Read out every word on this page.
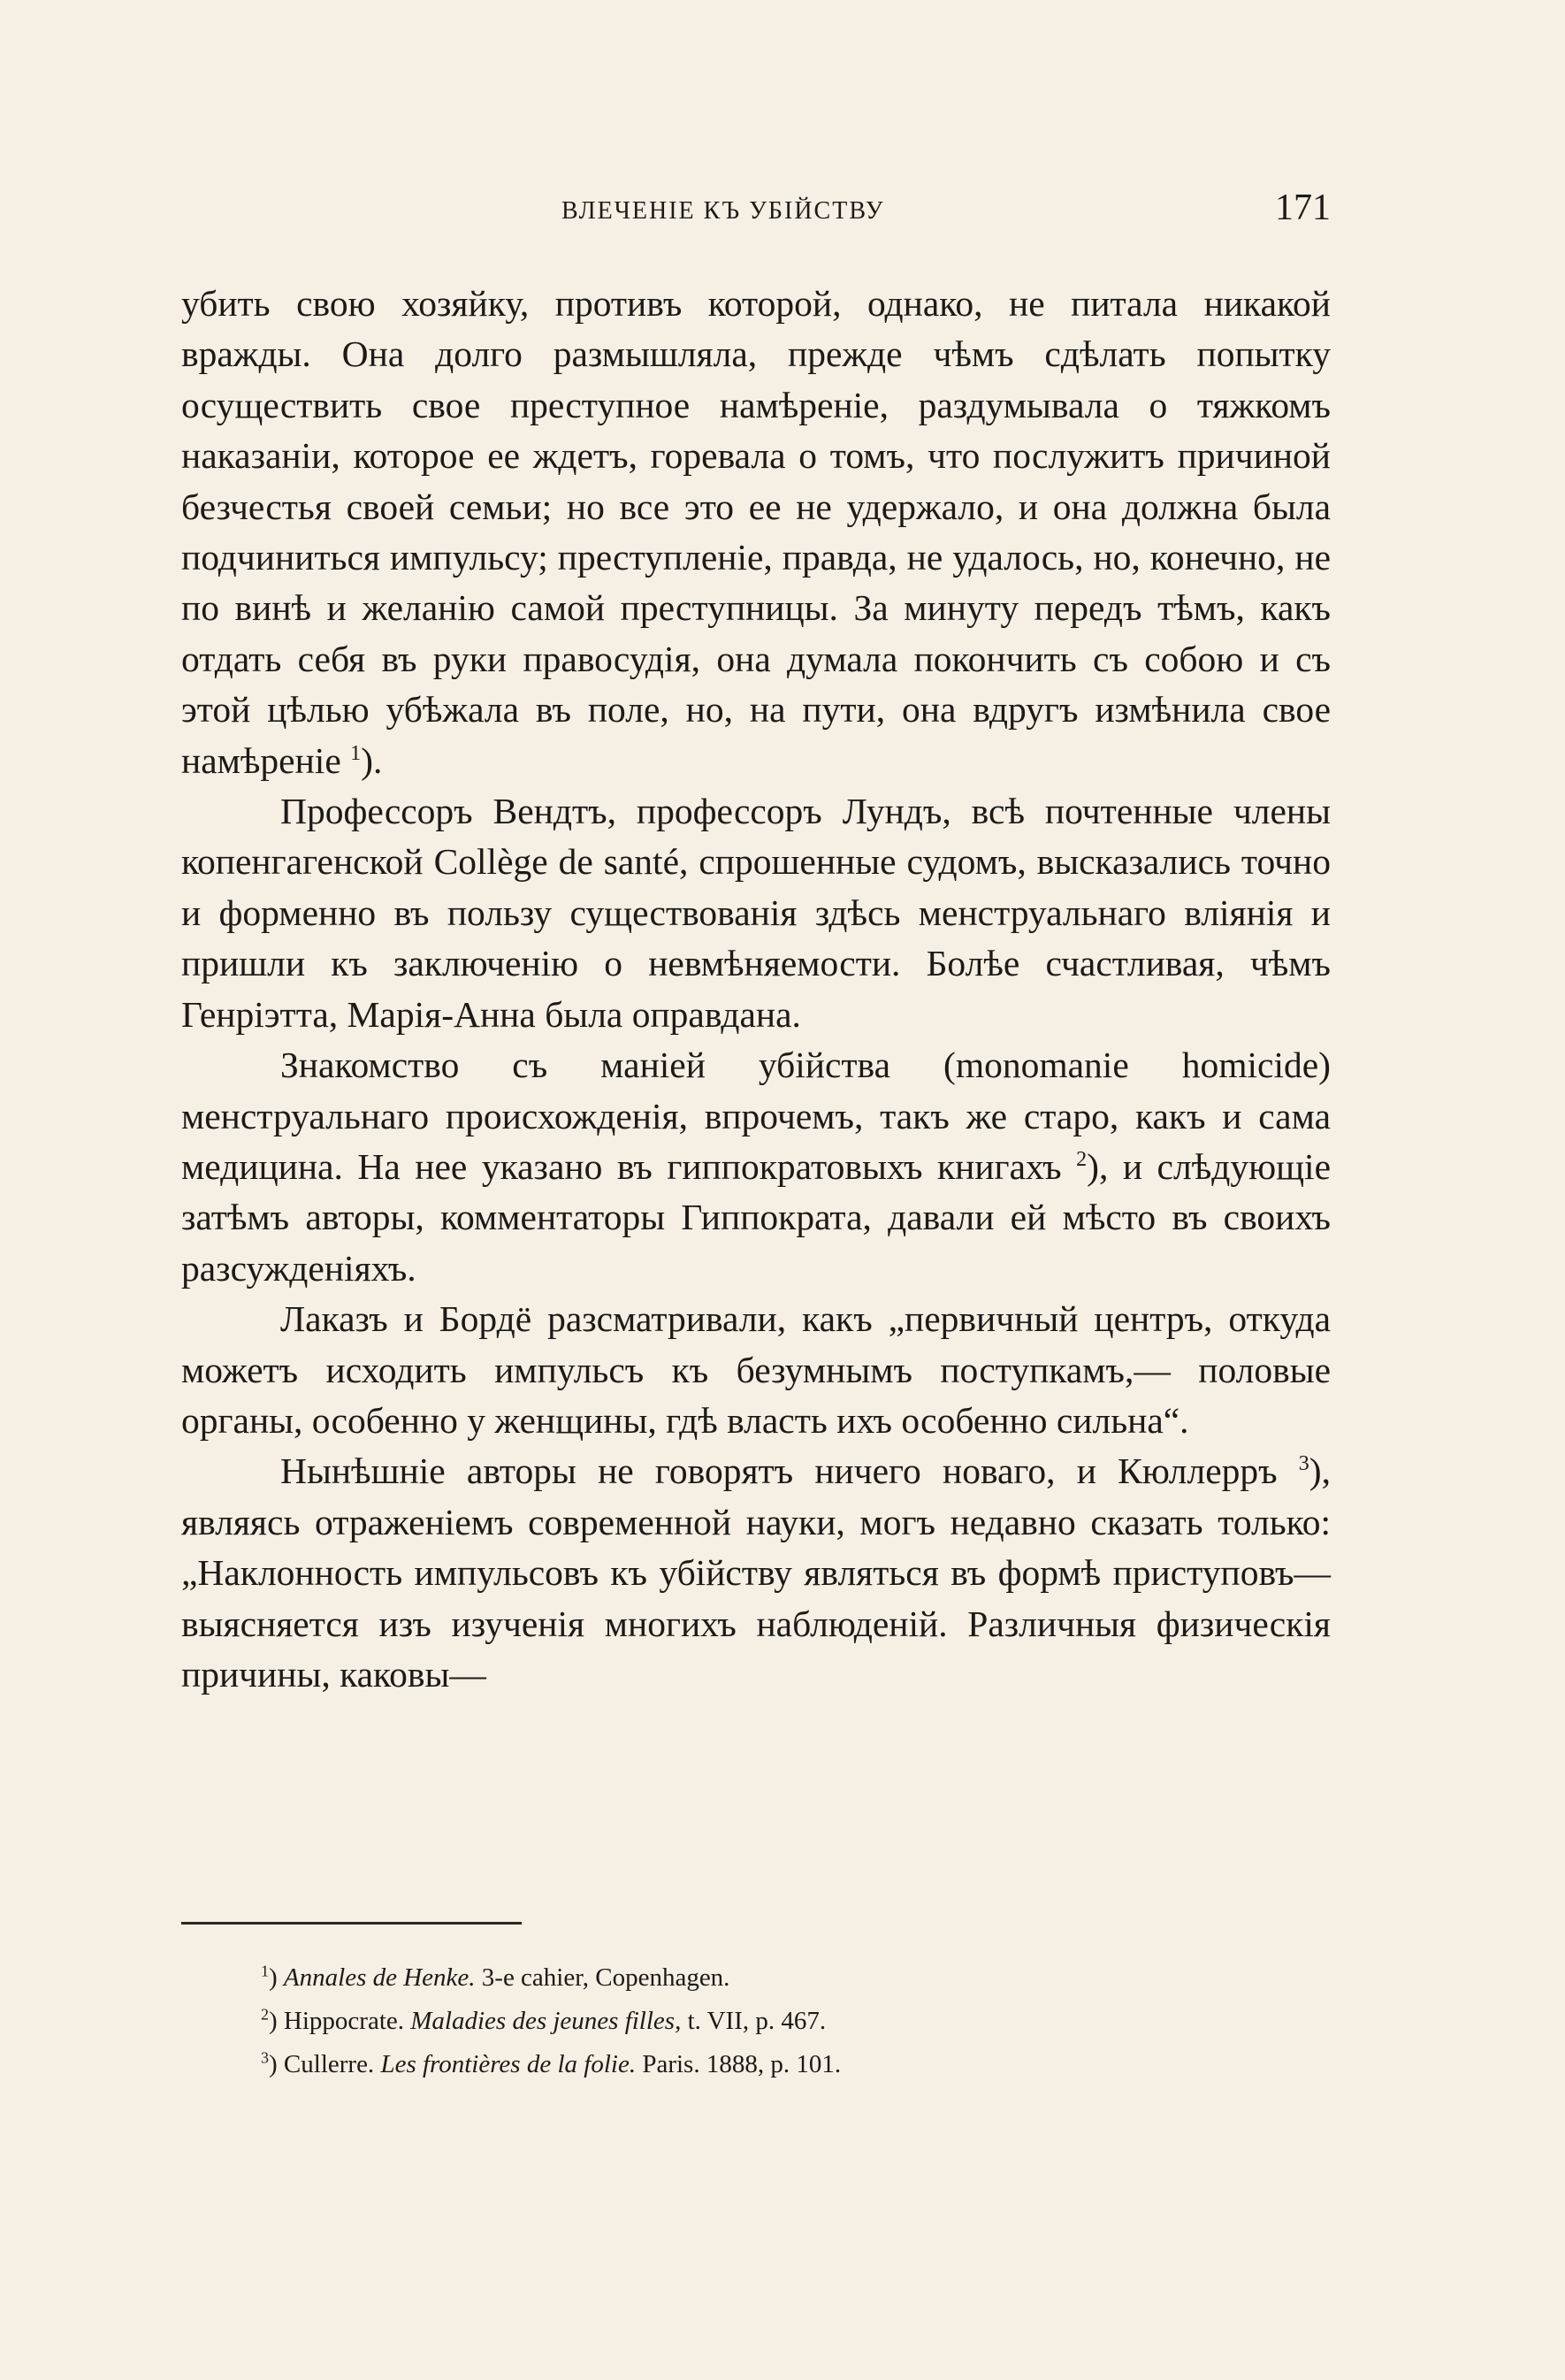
ВЛЕЧЕНІЕ КЪ УБІЙСТВУ	171

убить свою хозяйку, противъ которой, однако, не питала никакой вражды. Она долго размышляла, прежде чѣмъ сдѣлать попытку осуществить свое преступное намѣреніе, раздумывала о тяжкомъ наказаніи, которое ее ждетъ, горевала о томъ, что послужитъ причиной безчестья своей семьи; но все это ее не удержало, и она должна была подчиниться импульсу; преступленіе, правда, не удалось, но, конечно, не по винѣ и желанію самой преступницы. За минуту передъ тѣмъ, какъ отдать себя въ руки правосудія, она думала покончить съ собою и съ этой цѣлью убѣжала въ поле, но, на пути, она вдругъ измѣнила свое намѣреніе $^1$).

Профессоръ Вендтъ, профессоръ Лундъ, всѣ почтенные члены копенгагенской Collège de santé, спрошенные судомъ, высказались точно и форменно въ пользу существованія здѣсь менструальнаго вліянія и пришли къ заключенію о невмѣняемости. Болѣе счастливая, чѣмъ Генріэтта, Марія-Анна была оправдана.

Знакомство съ маніей убійства (monomanie homicide) менструальнаго происхожденія, впрочемъ, такъ же старо, какъ и сама медицина. На нее указано въ гиппократовыхъ книгахъ $^2$), и слѣдующіе затѣмъ авторы, комментаторы Гиппократа, давали ей мѣсто въ своихъ разсужденіяхъ.

Лаказъ и Бордё разсматривали, какъ „первичный центръ, откуда можетъ исходить импульсъ къ безумнымъ поступкамъ,— половые органы, особенно у женщины, гдѣ власть ихъ особенно сильна“.

Нынѣшніе авторы не говорятъ ничего новаго, и Кюллерръ $^3$), являясь отраженіемъ современной науки, могъ недавно сказать только: „Наклонность импульсовъ къ убійству являться въ формѣ приступовъ—выясняется изъ изученія многихъ наблюденій. Различныя физическія причины, каковы—

$^1$) Annales de Henke. 3-е cahier, Copenhagen.

$^2$) Hippocrate. Maladies des jeunes filles, t. VII, p. 467.

$^3$) Cullerre. Les frontières de la folie. Paris. 1888, p. 101.
